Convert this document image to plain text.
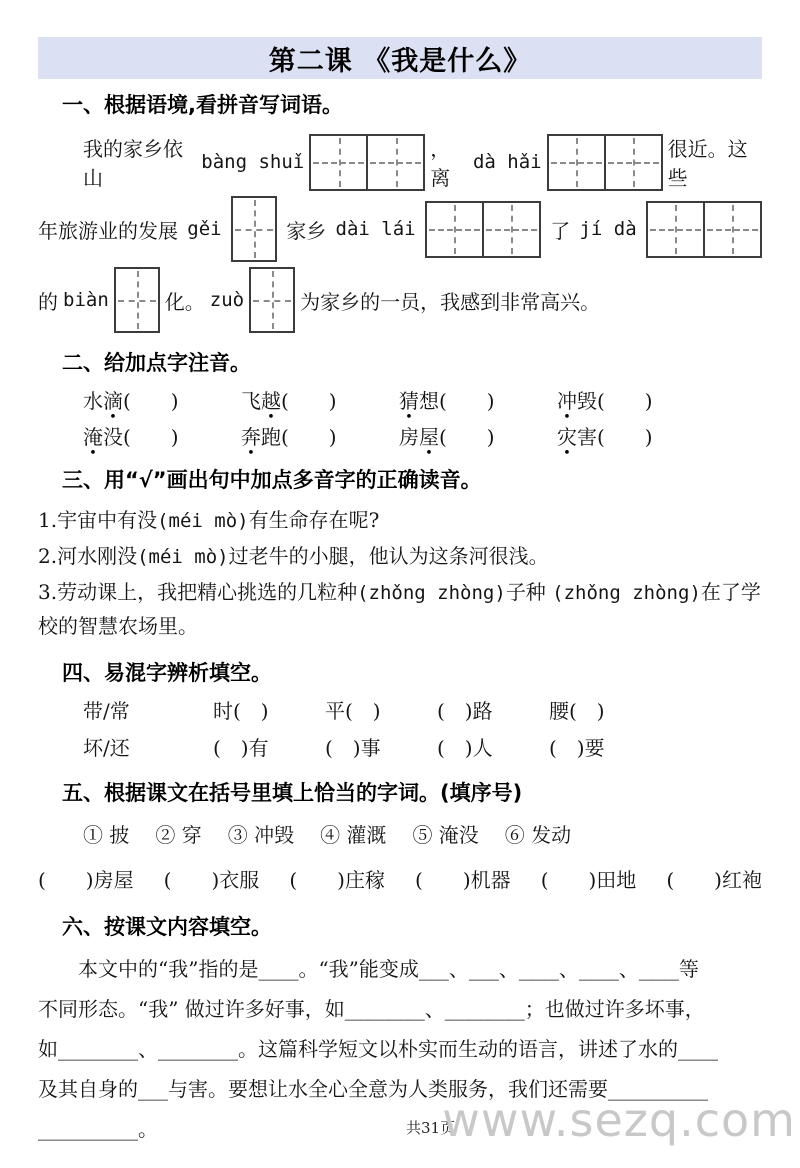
第二课 《我是什么》
一、根据语境,看拼音写词语。
我的家乡依山
bàng shuǐ
，离
dà hǎi
很近。这些
年旅游业的发展 gěi	家乡 dài lái	了 jí dà
的 biàn	化。 zuò	为家乡的一员，我感到非常高兴。
二、给加点字注音。
水滴(　　)	飞越(　　)	猜想(　　)	冲毁(　　)
淹没(　　)	奔跑(　　)	房屋(　　)	灾害(　　)
三、用“√”画出句中加点多音字的正确读音。
1.宇宙中有没(méi mò)有生命存在呢?
2.河水刚没(méi mò)过老牛的小腿，他认为这条河很浅。
3.劳动课上，我把精心挑选的几粒种(zhǒng zhòng)子种 (zhǒng zhòng)在了学校的智慧农场里。
四、易混字辨析填空。
带/常	时(　)	平(　)	(　)路	腰(　)
坏/还	(　)有	(　)事	(　)人	(　)要
五、根据课文在括号里填上恰当的字词。(填序号)
① 披 ② 穿 ③ 冲毁 ④ 灌溉 ⑤ 淹没 ⑥ 发动
(　　)房屋 (　　)衣服 (　　)庄稼 (　　)机器 (　　)田地 (　　)红袍
六、按课文内容填空。
本文中的“我”指的是____。“我”能变成___、___、____、____、____等
不同形态。“我” 做过许多好事，如________、________；也做过许多坏事，
如________、________。这篇科学短文以朴实而生动的语言，讲述了水的____
及其自身的___与害。要想让水全心全意为人类服务，我们还需要__________
__________。	共31页
www.sezq.com
